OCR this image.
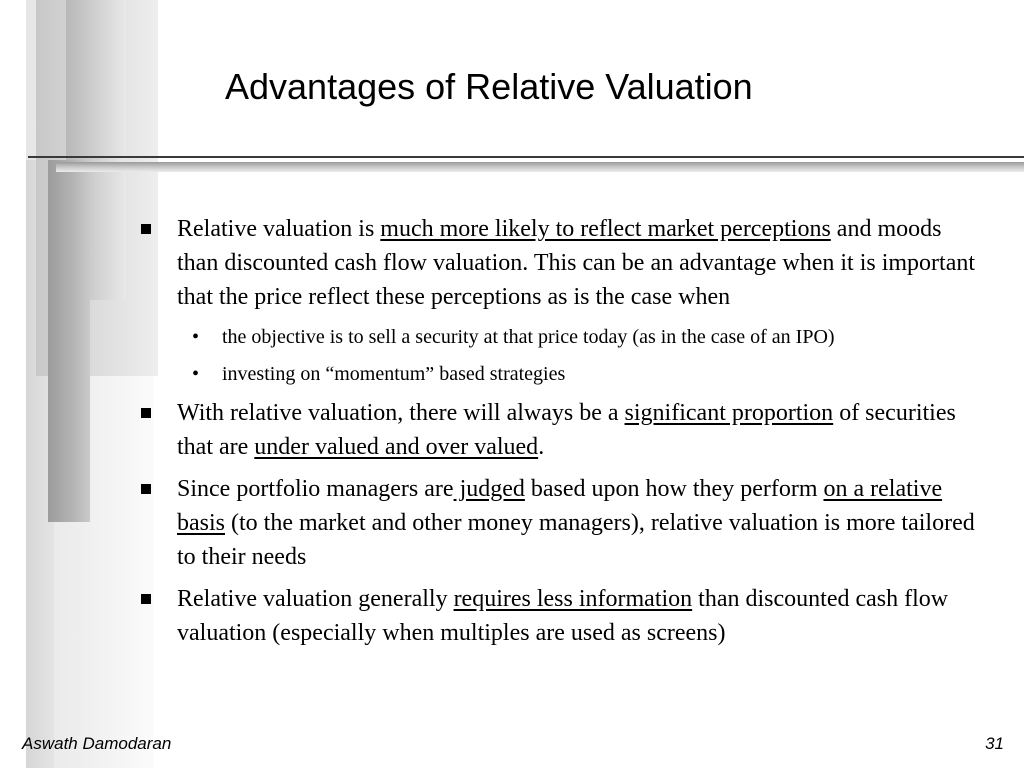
Advantages of Relative Valuation
Relative valuation is much more likely to reflect market perceptions and moods than discounted cash flow valuation. This can be an advantage when it is important that the price reflect these perceptions as is the case when
• the objective is to sell a security at that price today (as in the case of an IPO)
• investing on “momentum” based strategies
With relative valuation, there will always be a significant proportion of securities that are under valued and over valued.
Since portfolio managers are judged based upon how they perform on a relative basis (to the market and other money managers), relative valuation is more tailored to their needs
Relative valuation generally requires less information than discounted cash flow valuation (especially when multiples are used as screens)
Aswath Damodaran	31
